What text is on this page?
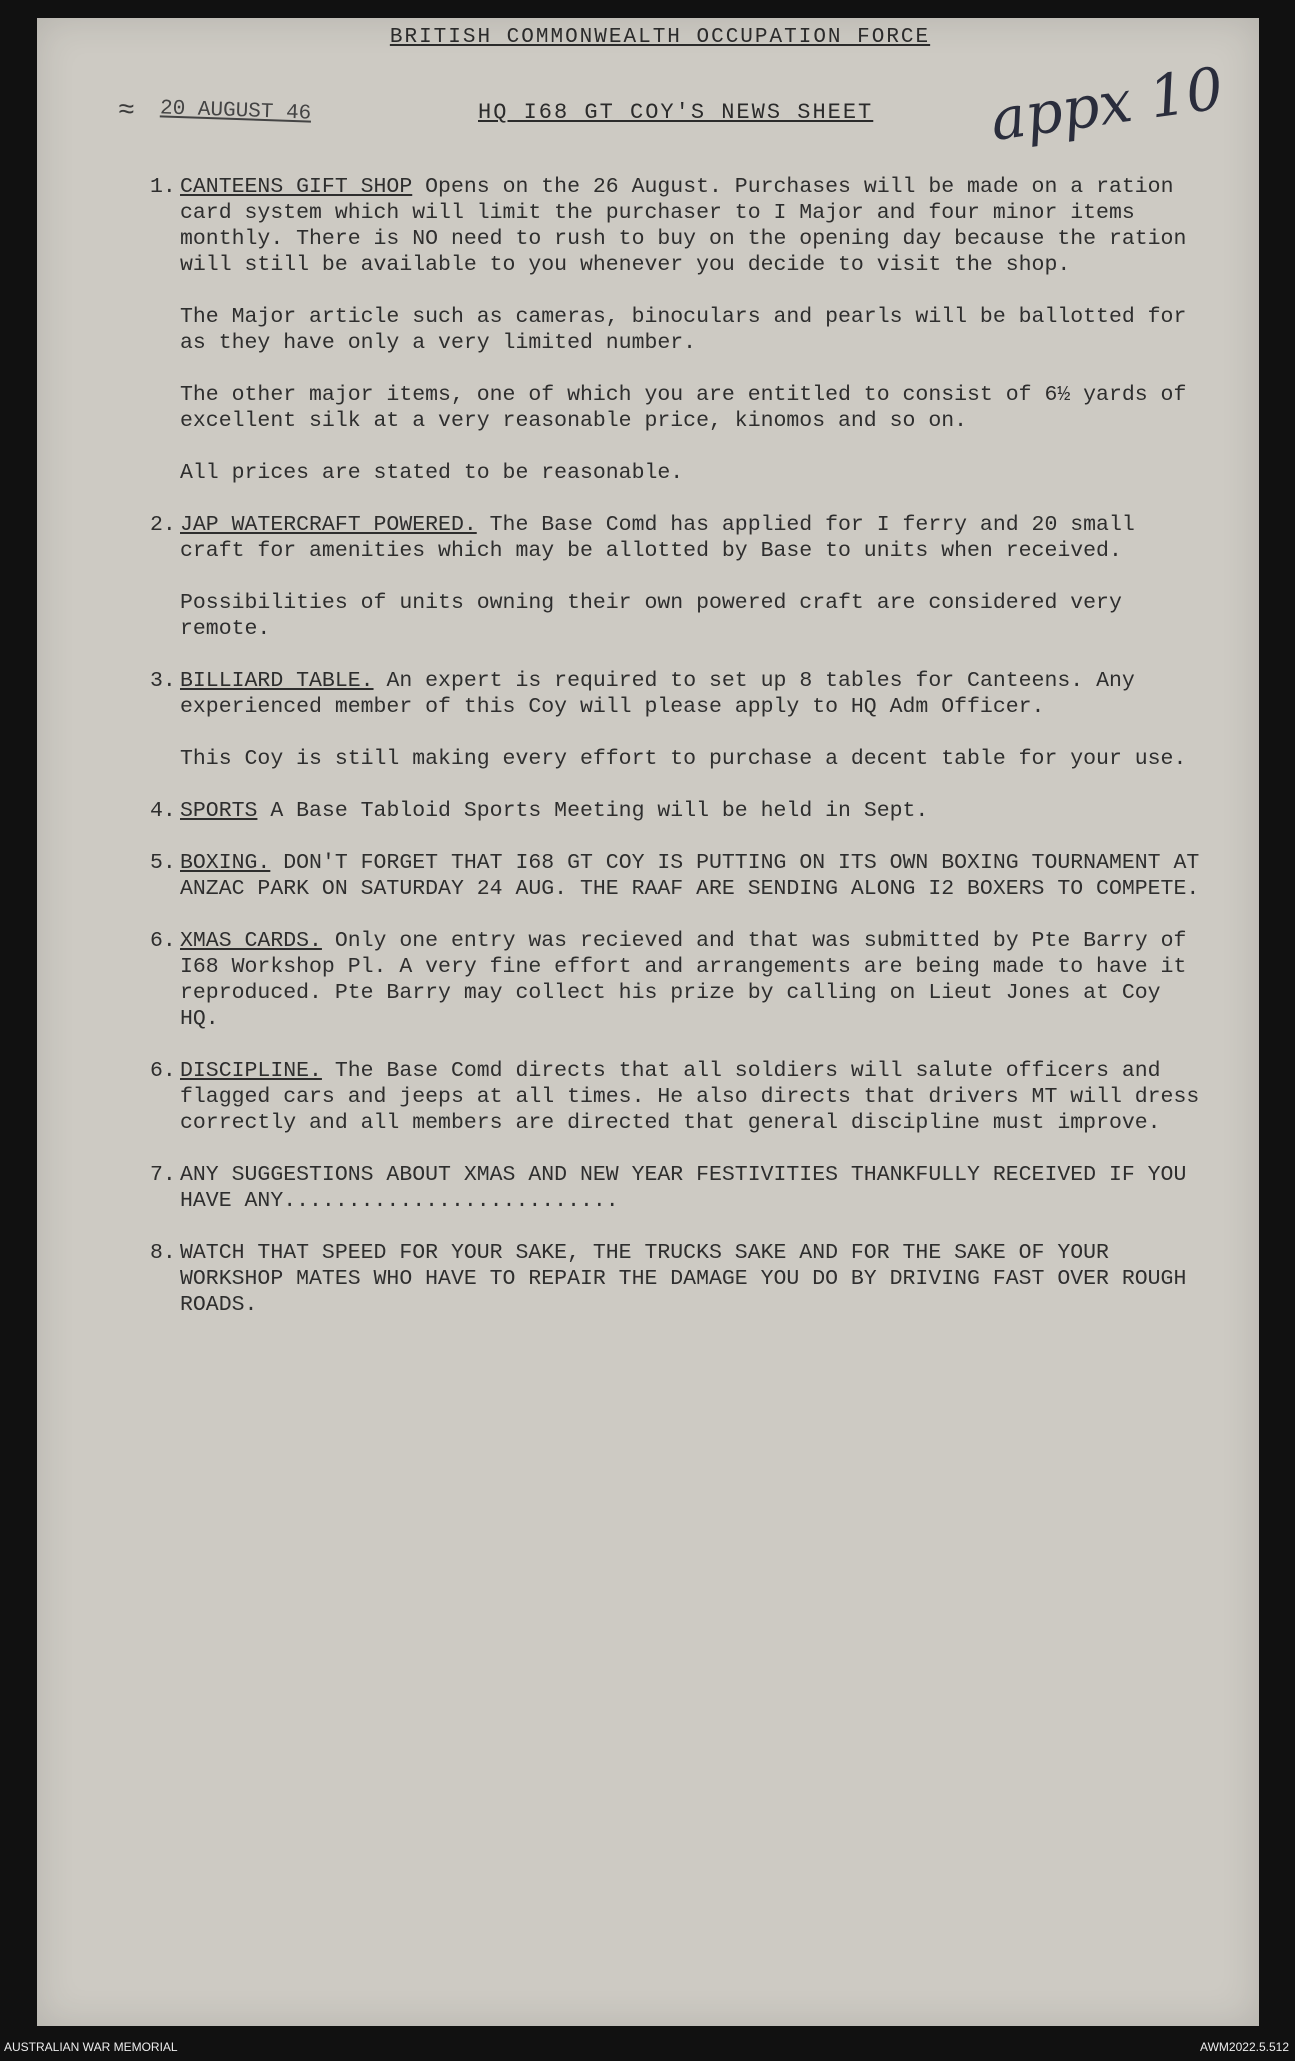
BRITISH COMMONWEALTH OCCUPATION FORCE
20 AUGUST 46	HQ I68 GT COY'S NEWS SHEET appx 10
≈
1. CANTEENS GIFT SHOP Opens on the 26 August. Purchases will be made on a ration card system which will limit the purchaser to I Major and four minor items monthly. There is NO need to rush to buy on the opening day because the ration will still be available to you whenever you decide to visit the shop.

The Major article such as cameras, binoculars and pearls will be ballotted for as they have only a very limited number.

The other major items, one of which you are entitled to consist of 6½ yards of excellent silk at a very reasonable price, kinomos and so on.

All prices are stated to be reasonable.

2. JAP WATERCRAFT POWERED. The Base Comd has applied for I ferry and 20 small craft for amenities which may be allotted by Base to units when received.

Possibilities of units owning their own powered craft are considered very remote.

3. BILLIARD TABLE. An expert is required to set up 8 tables for Canteens. Any experienced member of this Coy will please apply to HQ Adm Officer.

This Coy is still making every effort to purchase a decent table for your use.

4. SPORTS A Base Tabloid Sports Meeting will be held in Sept.

5. BOXING. DON'T FORGET THAT I68 GT COY IS PUTTING ON ITS OWN BOXING TOURNAMENT AT ANZAC PARK ON SATURDAY 24 AUG. THE RAAF ARE SENDING ALONG I2 BOXERS TO COMPETE.

6. XMAS CARDS. Only one entry was recieved and that was submitted by Pte Barry of I68 Workshop Pl. A very fine effort and arrangements are being made to have it reproduced. Pte Barry may collect his prize by calling on Lieut Jones at Coy HQ.

6. DISCIPLINE. The Base Comd directs that all soldiers will salute officers and flagged cars and jeeps at all times. He also directs that drivers MT will dress correctly and all members are directed that general discipline must improve.

7. ANY SUGGESTIONS ABOUT XMAS AND NEW YEAR FESTIVITIES THANKFULLY RECEIVED IF YOU HAVE ANY..........................

8. WATCH THAT SPEED FOR YOUR SAKE, THE TRUCKS SAKE AND FOR THE SAKE OF YOUR WORKSHOP MATES WHO HAVE TO REPAIR THE DAMAGE YOU DO BY DRIVING FAST OVER ROUGH ROADS.

AUSTRALIAN WAR MEMORIAL	AWM2022.5.512
